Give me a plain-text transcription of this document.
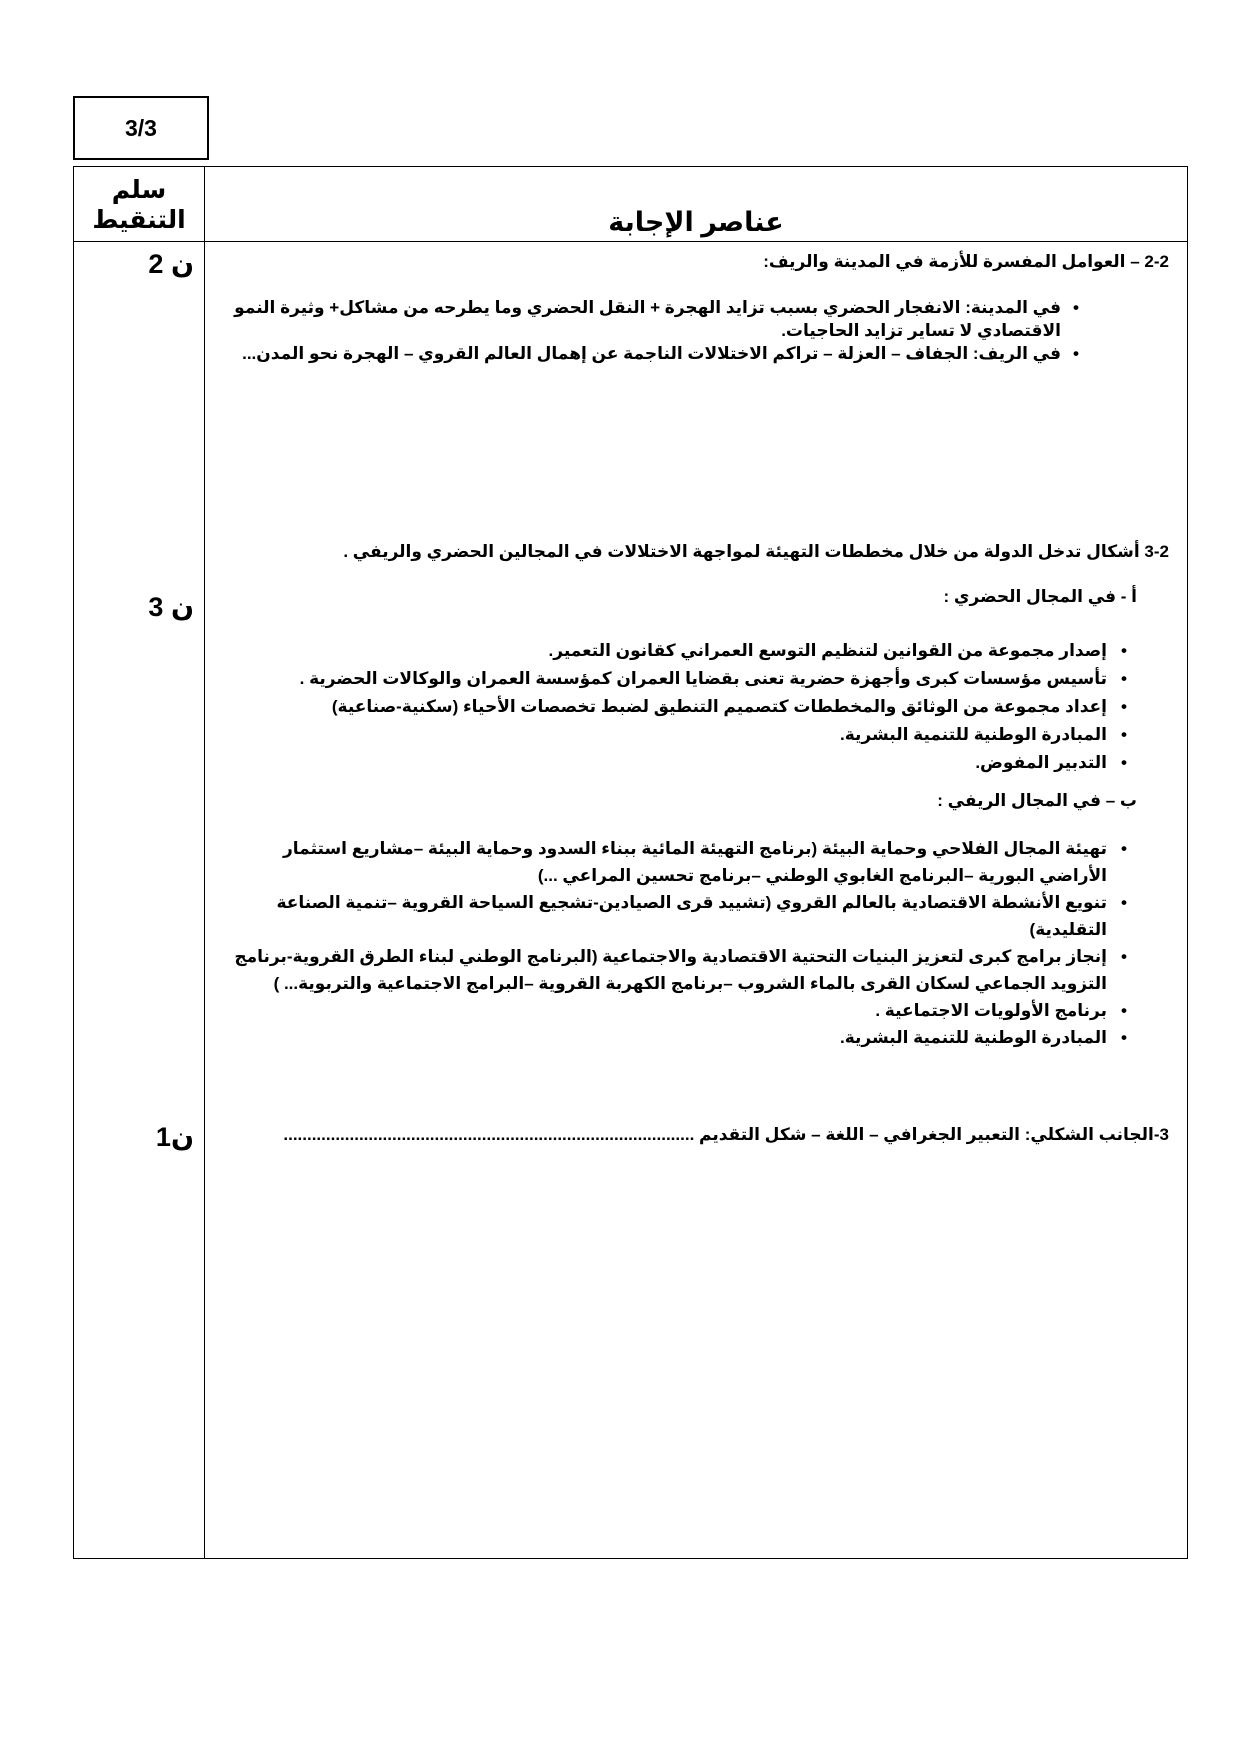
3/3
سلم التنقيط	عناصر الإجابة
2 ن
3 ن
1ن

2-2 – العوامل المفسرة للأزمة في المدينة والريف:

• في المدينة: الانفجار الحضري بسبب تزايد الهجرة + النقل الحضري وما يطرحه من مشاكل+ وثيرة النمو الاقتصادي لا تساير تزايد الحاجيات.
• في الريف: الجفاف – العزلة – تراكم الاختلالات الناجمة عن إهمال العالم القروي – الهجرة نحو المدن...

3-2 أشكال تدخل الدولة من خلال مخططات التهيئة لمواجهة الاختلالات في المجالين الحضري والريفي .

أ - في المجال الحضري :

• إصدار مجموعة من القوانين لتنظيم التوسع العمراني كقانون التعمير.
• تأسيس مؤسسات كبرى وأجهزة حضرية تعنى بقضايا العمران كمؤسسة العمران والوكالات الحضرية .
• إعداد مجموعة من الوثائق والمخططات كتصميم التنطيق لضبط تخصصات الأحياء (سكنية-صناعية)
• المبادرة الوطنية للتنمية البشرية.
• التدبير المفوض.

ب – في المجال الريفي :

• تهيئة المجال الفلاحي وحماية البيئة (برنامج التهيئة المائية ببناء السدود وحماية البيئة –مشاريع استثمار الأراضي البورية –البرنامج الغابوي الوطني –برنامج تحسين المراعي ...)
• تنويع الأنشطة الاقتصادية بالعالم القروي (تشييد قرى الصيادين-تشجيع السياحة القروية –تنمية الصناعة التقليدية)
• إنجاز برامج كبرى لتعزيز البنيات التحتية الاقتصادية والاجتماعية (البرنامج الوطني لبناء الطرق القروية-برنامج التزويد الجماعي لسكان القرى بالماء الشروب –برنامج الكهربة القروية –البرامج الاجتماعية والتربوية... )
• برنامج الأولويات الاجتماعية .
• المبادرة الوطنية للتنمية البشرية.

3-الجانب الشكلي: التعبير الجغرافي – اللغة – شكل التقديم .......................................................................................
